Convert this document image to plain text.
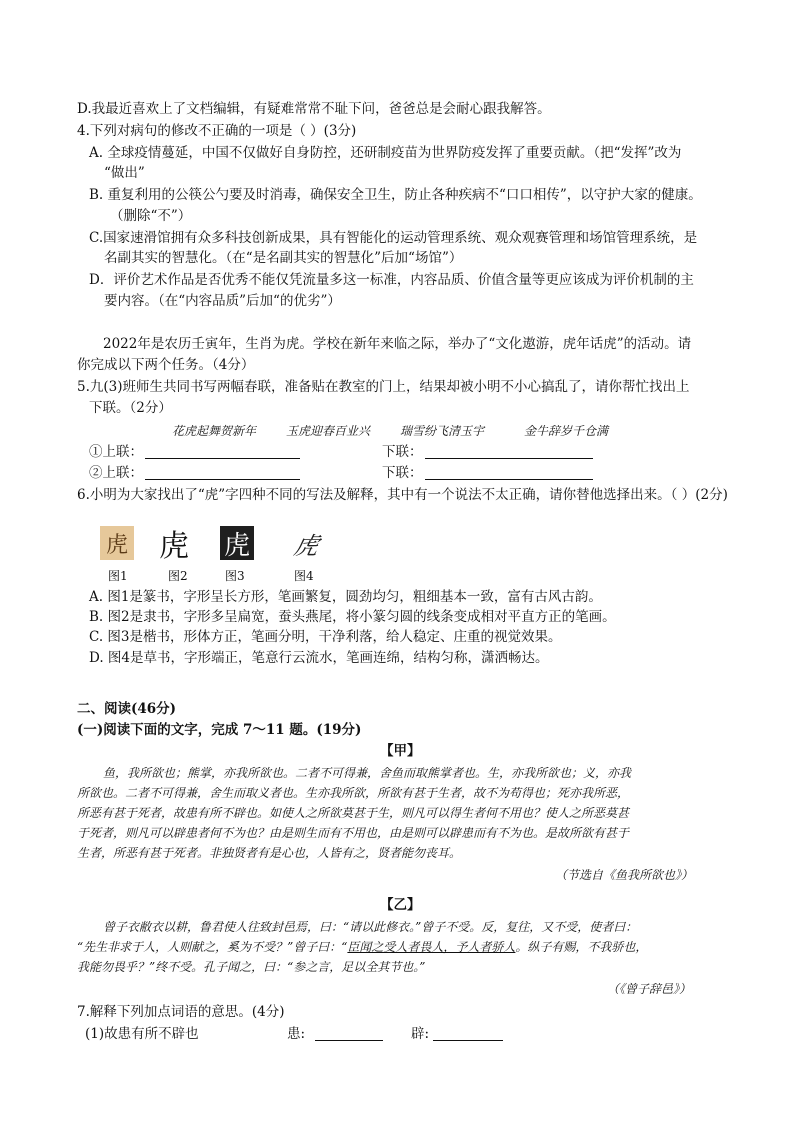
D.我最近喜欢上了文档编辑，有疑难常常不耻下问，爸爸总是会耐心跟我解答。
4.下列对病句的修改不正确的一项是（ ）(3分)
A. 全球疫情蔓延，中国不仅做好自身防控，还研制疫苗为世界防疫发挥了重要贡献。（把“发挥”改为
“做出”
B. 重复利用的公筷公勺要及时消毒，确保安全卫生，防止各种疾病不“口口相传”，以守护大家的健康。
（删除“不”）
C.国家速滑馆拥有众多科技创新成果，具有智能化的运动管理系统、观众观赛管理和场馆管理系统，是
名副其实的智慧化。（在“是名副其实的智慧化”后加“场馆”）
D．评价艺术作品是否优秀不能仅凭流量多这一标准，内容品质、价值含量等更应该成为评价机制的主
要内容。（在“内容品质”后加“的优劣”）
2022年是农历壬寅年，生肖为虎。学校在新年来临之际，举办了“文化遨游，虎年话虎”的活动。请
你完成以下两个任务。（4分）
5.九(3)班师生共同书写两幅春联，准备贴在教室的门上，结果却被小明不小心搞乱了，请你帮忙找出上
下联。（2分）
花虎起舞贺新年 玉虎迎春百业兴 瑞雪纷飞清玉宇	金牛辞岁千仓满
①上联：	下联：
②上联：	下联：
6.小明为大家找出了“虎”字四种不同的写法及解释，其中有一个说法不太正确，请你替他选择出来。（ ）(2分)
虎 虎 虎 虎
图1	图2	图3	图4
A. 图1是篆书，字形呈长方形，笔画繁复，圆劲均匀，粗细基本一致，富有古风古韵。
B. 图2是隶书，字形多呈扁宽，蚕头燕尾，将小篆匀圆的线条变成相对平直方正的笔画。
C. 图3是楷书，形体方正，笔画分明，干净利落，给人稳定、庄重的视觉效果。
D. 图4是草书，字形端正，笔意行云流水，笔画连绵，结构匀称，潇洒畅达。
二、阅读(46分)
(一)阅读下面的文字，完成 7～11 题。(19分)
【甲】
鱼，我所欲也；熊掌，亦我所欲也。二者不可得兼，舍鱼而取熊掌者也。生，亦我所欲也；义，亦我
所欲也。二者不可得兼，舍生而取义者也。生亦我所欲，所欲有甚于生者，故不为苟得也；死亦我所恶，
所恶有甚于死者，故患有所不辟也。如使人之所欲莫甚于生，则凡可以得生者何不用也？使人之所恶莫甚
于死者，则凡可以辟患者何不为也？由是则生而有不用也，由是则可以辟患而有不为也。是故所欲有甚于
生者，所恶有甚于死者。非独贤者有是心也，人皆有之，贤者能勿丧耳。
（节选自《鱼我所欲也》）
【乙】
曾子衣敝衣以耕，鲁君使人往致封邑焉，曰：“请以此修衣。”曾子不受。反，复往，又不受，使者曰：
“先生非求于人，人则献之，奚为不受？”曾子曰：“臣闻之受人者畏人，予人者骄人。纵子有赐，不我骄也，
我能勿畏乎？”终不受。孔子闻之，曰：“参之言，足以全其节也。”
（《曾子辞邑》）
7.解释下列加点词语的意思。(4分)
(1)故患有所不辟也	患:	辟:
